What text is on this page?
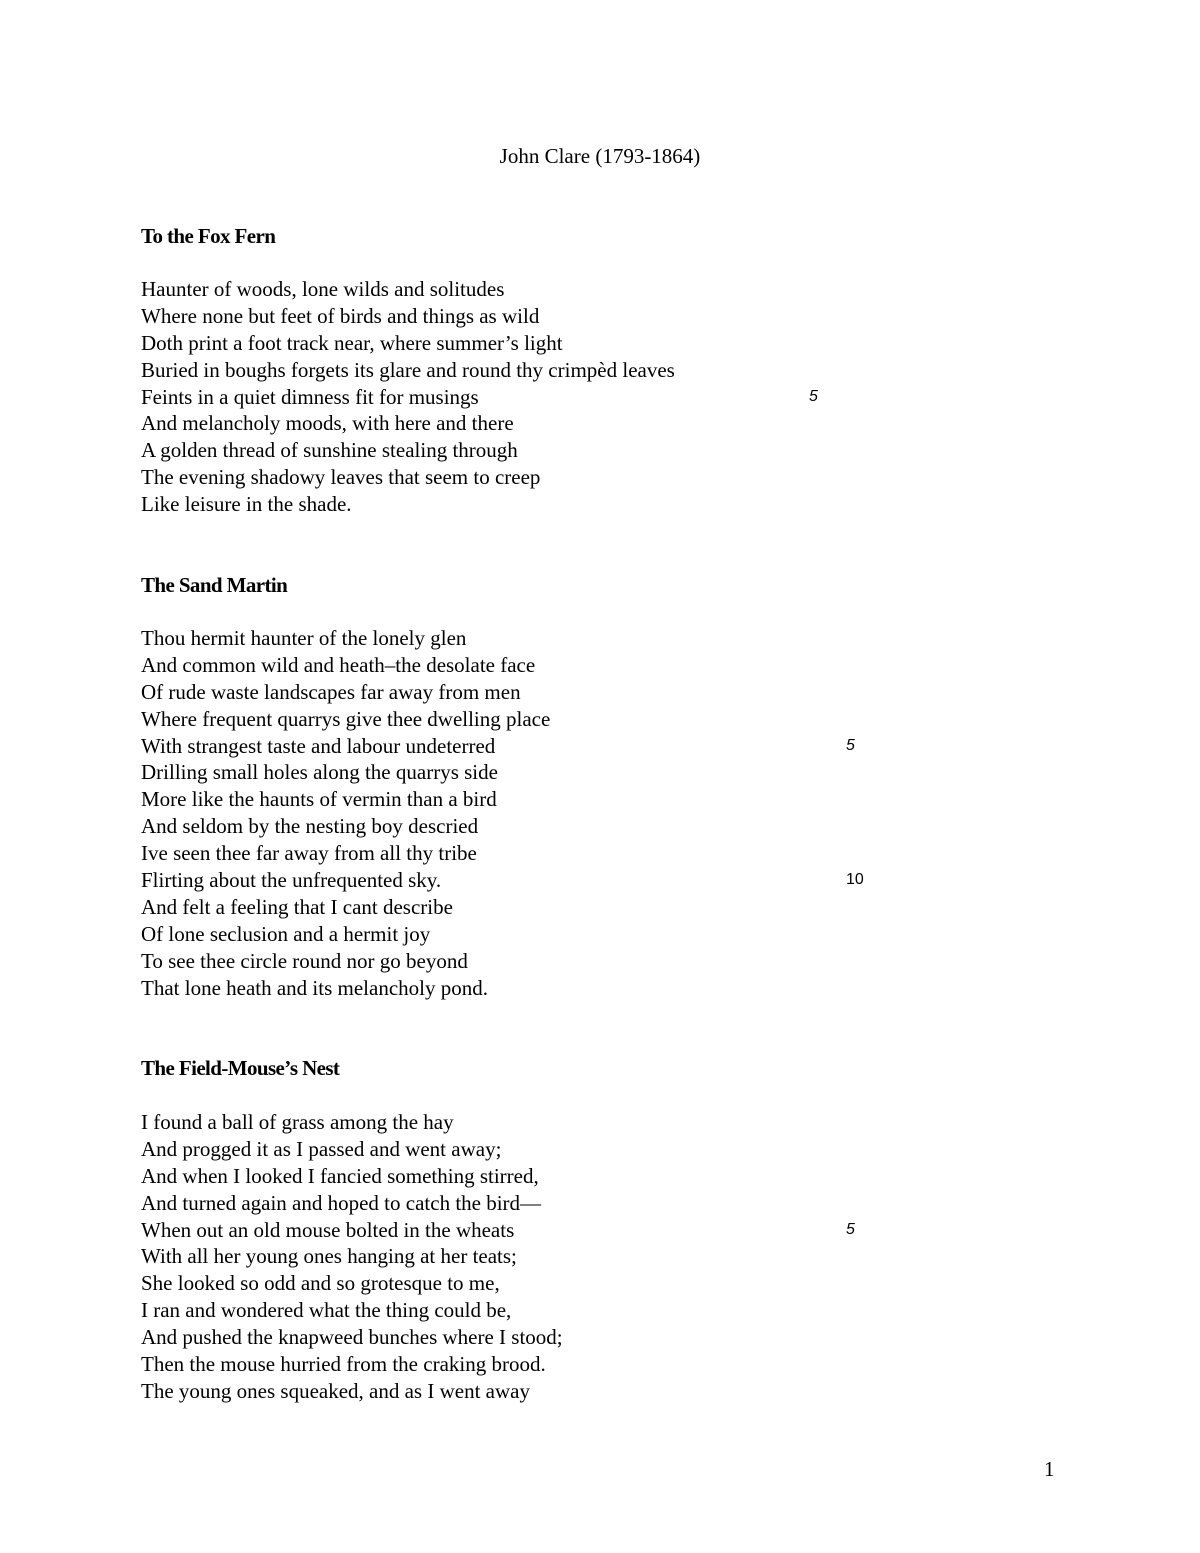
John Clare (1793-1864)
To the Fox Fern
Haunter of woods, lone wilds and solitudes
Where none but feet of birds and things as wild
Doth print a foot track near, where summer’s light
Buried in boughs forgets its glare and round thy crimpèd leaves
Feints in a quiet dimness fit for musings	5
And melancholy moods, with here and there
A golden thread of sunshine stealing through
The evening shadowy leaves that seem to creep
Like leisure in the shade.
The Sand Martin
Thou hermit haunter of the lonely glen
And common wild and heath–the desolate face
Of rude waste landscapes far away from men
Where frequent quarrys give thee dwelling place
With strangest taste and labour undeterred	5
Drilling small holes along the quarrys side
More like the haunts of vermin than a bird
And seldom by the nesting boy descried
Ive seen thee far away from all thy tribe
Flirting about the unfrequented sky.	10
And felt a feeling that I cant describe
Of lone seclusion and a hermit joy
To see thee circle round nor go beyond
That lone heath and its melancholy pond.
The Field-Mouse’s Nest
I found a ball of grass among the hay
And progged it as I passed and went away;
And when I looked I fancied something stirred,
And turned again and hoped to catch the bird—
When out an old mouse bolted in the wheats	5
With all her young ones hanging at her teats;
She looked so odd and so grotesque to me,
I ran and wondered what the thing could be,
And pushed the knapweed bunches where I stood;
Then the mouse hurried from the craking brood.
The young ones squeaked, and as I went away
1
